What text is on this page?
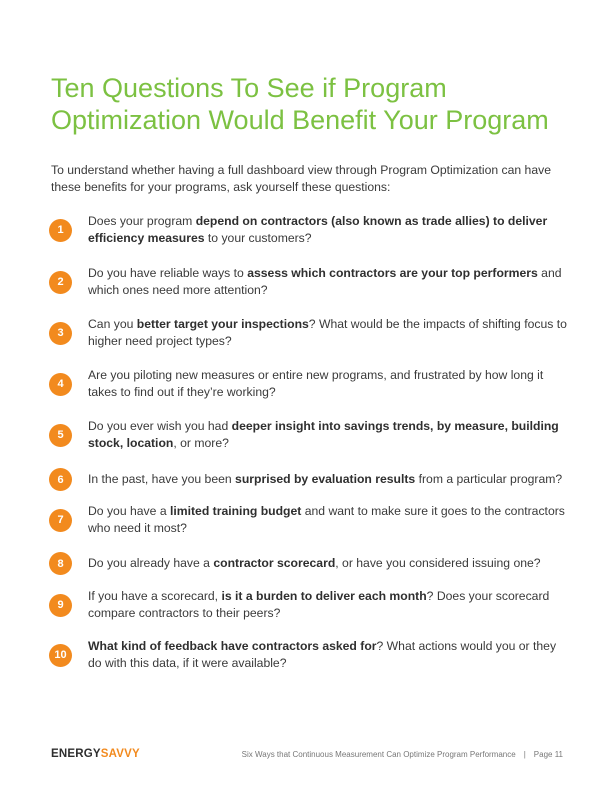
Ten Questions To See if Program
Optimization Would Benefit Your Program

To understand whether having a full dashboard view through Program Optimization can have these benefits for your programs, ask yourself these questions:

1
Does your program depend on contractors (also known as trade allies) to deliver efficiency measures to your customers?
2
Do you have reliable ways to assess which contractors are your top performers and which ones need more attention?
3
Can you better target your inspections? What would be the impacts of shifting focus to higher need project types?
4
Are you piloting new measures or entire new programs, and frustrated by how long it takes to find out if they’re working?
5
Do you ever wish you had deeper insight into savings trends, by measure, building stock, location, or more?
6	In the past, have you been surprised by evaluation results from a particular program?
7
Do you have a limited training budget and want to make sure it goes to the contractors who need it most?
8	Do you already have a contractor scorecard, or have you considered issuing one?
9
If you have a scorecard, is it a burden to deliver each month? Does your scorecard compare contractors to their peers?
10
What kind of feedback have contractors asked for? What actions would you or they do with this data, if it were available?
ENERGYSAVVY	Six Ways that Continuous Measurement Can Optimize Program Performance | Page 11
